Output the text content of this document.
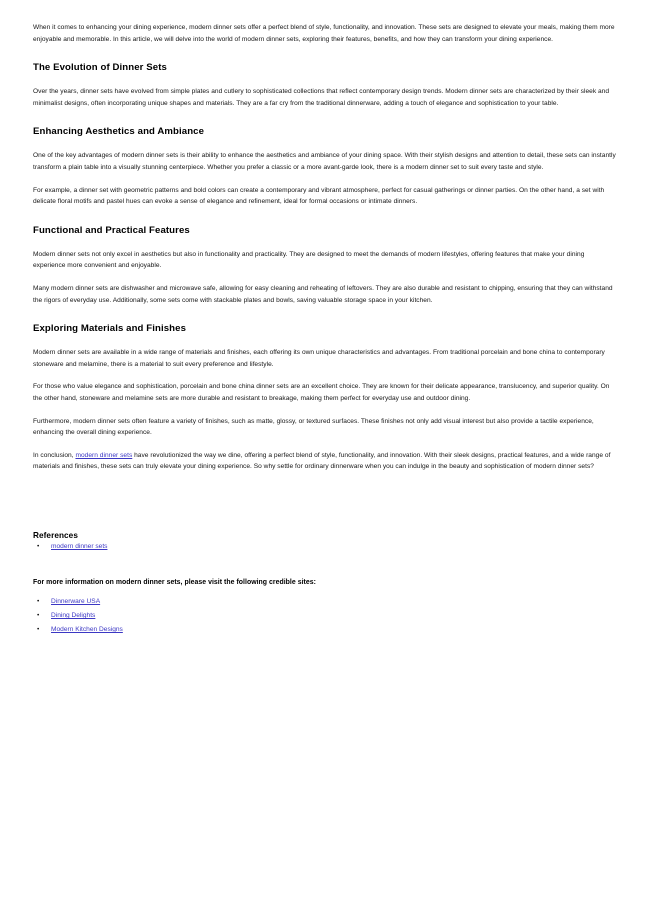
When it comes to enhancing your dining experience, modern dinner sets offer a perfect blend of style, functionality, and innovation. These sets are designed to elevate your meals, making them more enjoyable and memorable. In this article, we will delve into the world of modern dinner sets, exploring their features, benefits, and how they can transform your dining experience.

The Evolution of Dinner Sets

Over the years, dinner sets have evolved from simple plates and cutlery to sophisticated collections that reflect contemporary design trends. Modern dinner sets are characterized by their sleek and minimalist designs, often incorporating unique shapes and materials. They are a far cry from the traditional dinnerware, adding a touch of elegance and sophistication to your table.

Enhancing Aesthetics and Ambiance

One of the key advantages of modern dinner sets is their ability to enhance the aesthetics and ambiance of your dining space. With their stylish designs and attention to detail, these sets can instantly transform a plain table into a visually stunning centerpiece. Whether you prefer a classic or a more avant-garde look, there is a modern dinner set to suit every taste and style.

For example, a dinner set with geometric patterns and bold colors can create a contemporary and vibrant atmosphere, perfect for casual gatherings or dinner parties. On the other hand, a set with delicate floral motifs and pastel hues can evoke a sense of elegance and refinement, ideal for formal occasions or intimate dinners.

Functional and Practical Features

Modern dinner sets not only excel in aesthetics but also in functionality and practicality. They are designed to meet the demands of modern lifestyles, offering features that make your dining experience more convenient and enjoyable.

Many modern dinner sets are dishwasher and microwave safe, allowing for easy cleaning and reheating of leftovers. They are also durable and resistant to chipping, ensuring that they can withstand the rigors of everyday use. Additionally, some sets come with stackable plates and bowls, saving valuable storage space in your kitchen.

Exploring Materials and Finishes

Modern dinner sets are available in a wide range of materials and finishes, each offering its own unique characteristics and advantages. From traditional porcelain and bone china to contemporary stoneware and melamine, there is a material to suit every preference and lifestyle.

For those who value elegance and sophistication, porcelain and bone china dinner sets are an excellent choice. They are known for their delicate appearance, translucency, and superior quality. On the other hand, stoneware and melamine sets are more durable and resistant to breakage, making them perfect for everyday use and outdoor dining.

Furthermore, modern dinner sets often feature a variety of finishes, such as matte, glossy, or textured surfaces. These finishes not only add visual interest but also provide a tactile experience, enhancing the overall dining experience.

In conclusion, modern dinner sets have revolutionized the way we dine, offering a perfect blend of style, functionality, and innovation. With their sleek designs, practical features, and a wide range of materials and finishes, these sets can truly elevate your dining experience. So why settle for ordinary dinnerware when you can indulge in the beauty and sophistication of modern dinner sets?

References
• modern dinner sets

For more information on modern dinner sets, please visit the following credible sites:

• Dinnerware USA
• Dining Delights
• Modern Kitchen Designs
